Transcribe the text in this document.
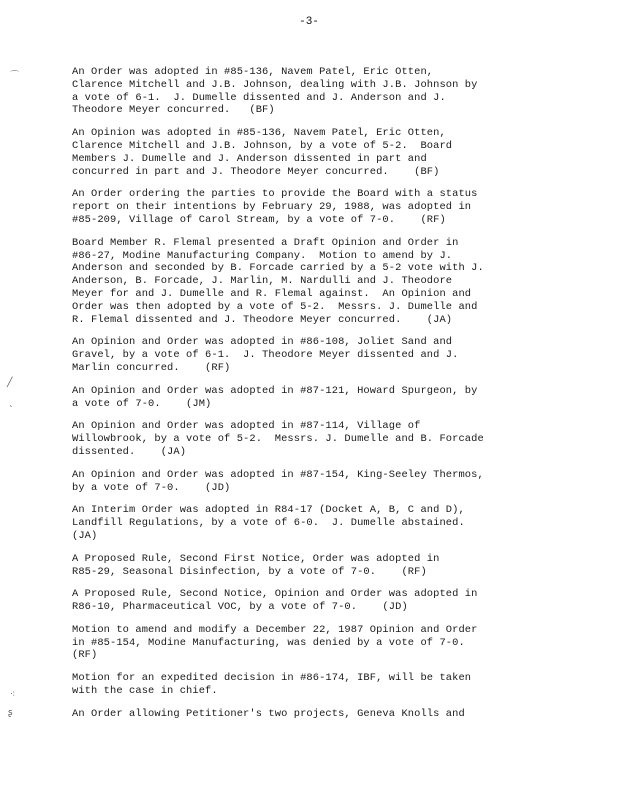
-3-
⌒
╱
ˎ
⁖
ʂ

An Order was adopted in #85-136, Navem Patel, Eric Otten,
Clarence Mitchell and J.B. Johnson, dealing with J.B. Johnson by
a vote of 6-1.  J. Dumelle dissented and J. Anderson and J.
Theodore Meyer concurred.   (BF)

An Opinion was adopted in #85-136, Navem Patel, Eric Otten,
Clarence Mitchell and J.B. Johnson, by a vote of 5-2.  Board
Members J. Dumelle and J. Anderson dissented in part and
concurred in part and J. Theodore Meyer concurred.    (BF)

An Order ordering the parties to provide the Board with a status
report on their intentions by February 29, 1988, was adopted in
#85-209, Village of Carol Stream, by a vote of 7-0.    (RF)

Board Member R. Flemal presented a Draft Opinion and Order in
#86-27, Modine Manufacturing Company.  Motion to amend by J.
Anderson and seconded by B. Forcade carried by a 5-2 vote with J.
Anderson, B. Forcade, J. Marlin, M. Nardulli and J. Theodore
Meyer for and J. Dumelle and R. Flemal against.  An Opinion and
Order was then adopted by a vote of 5-2.  Messrs. J. Dumelle and
R. Flemal dissented and J. Theodore Meyer concurred.    (JA)

An Opinion and Order was adopted in #86-108, Joliet Sand and
Gravel, by a vote of 6-1.  J. Theodore Meyer dissented and J.
Marlin concurred.    (RF)

An Opinion and Order was adopted in #87-121, Howard Spurgeon, by
a vote of 7-0.    (JM)

An Opinion and Order was adopted in #87-114, Village of
Willowbrook, by a vote of 5-2.  Messrs. J. Dumelle and B. Forcade
dissented.    (JA)

An Opinion and Order was adopted in #87-154, King-Seeley Thermos,
by a vote of 7-0.    (JD)

An Interim Order was adopted in R84-17 (Docket A, B, C and D),
Landfill Regulations, by a vote of 6-0.  J. Dumelle abstained.
(JA)

A Proposed Rule, Second First Notice, Order was adopted in
R85-29, Seasonal Disinfection, by a vote of 7-0.    (RF)

A Proposed Rule, Second Notice, Opinion and Order was adopted in
R86-10, Pharmaceutical VOC, by a vote of 7-0.    (JD)

Motion to amend and modify a December 22, 1987 Opinion and Order
in #85-154, Modine Manufacturing, was denied by a vote of 7-0.
(RF)

Motion for an expedited decision in #86-174, IBF, will be taken
with the case in chief.

An Order allowing Petitioner's two projects, Geneva Knolls and
